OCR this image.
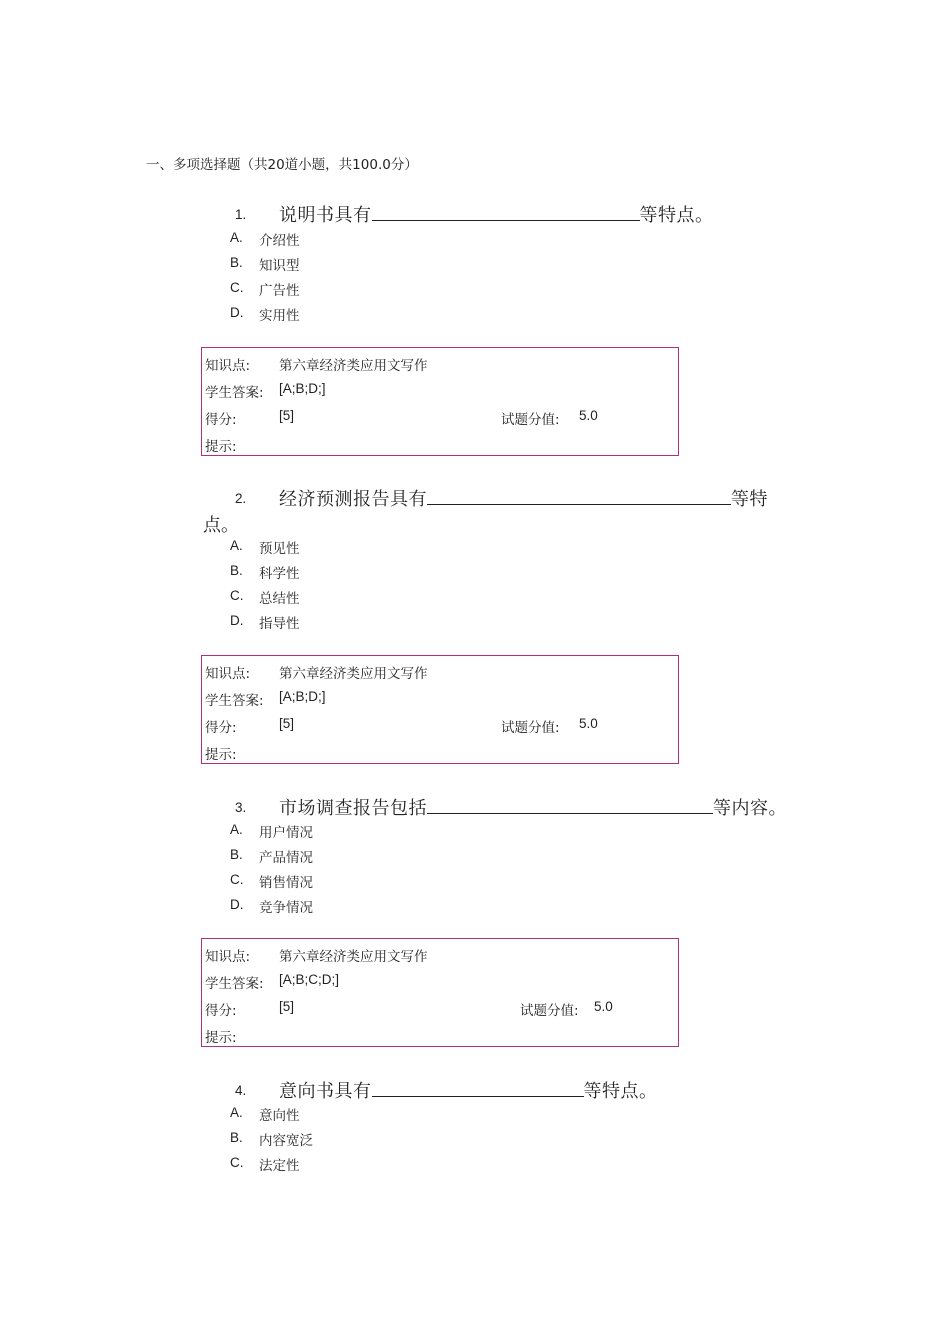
一、多项选择题（共20道小题，共100.0分）
1. 说明书具有	等特点。
A. 介绍性
B. 知识型
C. 广告性
D. 实用性
知识点: 第六章经济类应用文写作
学生答案: [A;B;D;]
得分:	[5]	试题分值: 5.0
提示:
2. 经济预测报告具有	等特
点。
A. 预见性
B. 科学性
C. 总结性
D. 指导性
知识点: 第六章经济类应用文写作
学生答案: [A;B;D;]
得分:	[5]	试题分值: 5.0
提示:
3. 市场调查报告包括	等内容。
A. 用户情况
B. 产品情况
C. 销售情况
D. 竞争情况
知识点: 第六章经济类应用文写作
学生答案: [A;B;C;D;]
得分:	[5]	试题分值: 5.0
提示:
4. 意向书具有	等特点。
A. 意向性
B. 内容宽泛
C. 法定性
